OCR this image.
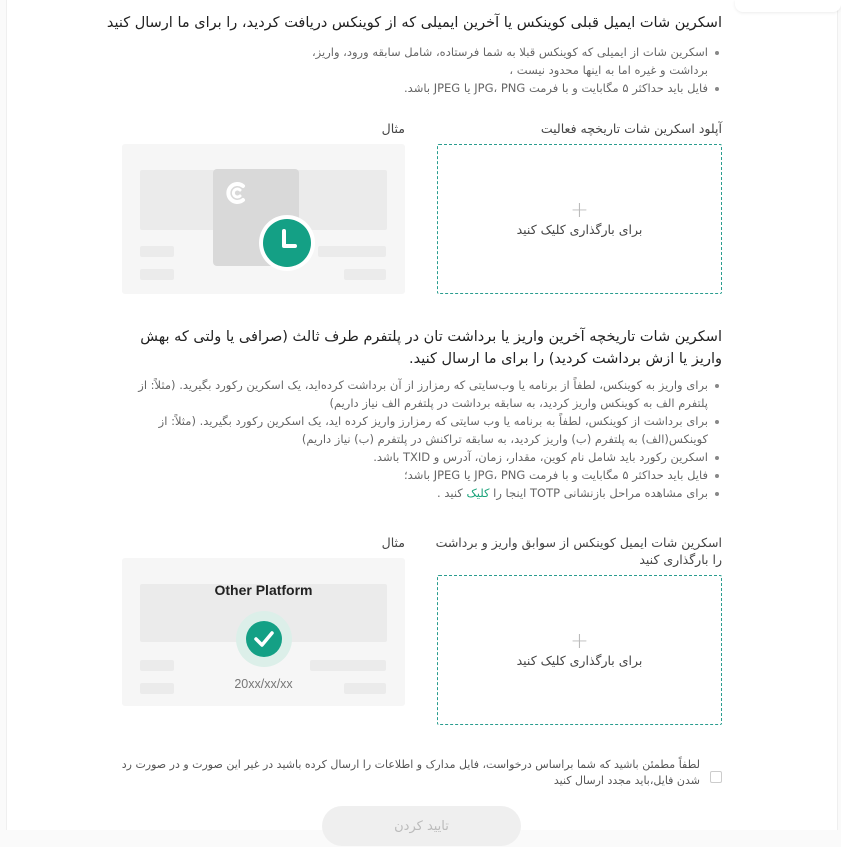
اسکرین شات ایمیل قبلی کوینکس یا آخرین ایمیلی که از کوینکس دریافت کردید، را برای ما ارسال کنید
اسکرین شات از ایمیلی که کوینکس قبلا به شما فرستاده، شامل سابقه ورود، واریز، برداشت و غیره اما به اینها محدود نیست ،
فایل باید حداکثر ۵ مگابایت و با فرمت JPG، PNG یا JPEG باشد.
آپلود اسکرین شات تاریخچه فعالیت
مثال
+
برای بارگذاری کلیک کنید
اسکرین شات تاریخچه آخرین واریز یا برداشت تان در پلتفرم طرف ثالث (صرافی یا ولتی که بهش واریز یا ازش برداشت کردید) را برای ما ارسال کنید.
برای واریز به کوینکس، لطفاً از برنامه یا وب‌سایتی که رمزارز از آن برداشت کرده‌اید، یک اسکرین رکورد بگیرید. (مثلاً: از پلتفرم الف به کوینکس واریز کردید، به سابقه برداشت در پلتفرم الف نیاز داریم)
برای برداشت از کوینکس، لطفاً به برنامه یا وب سایتی که رمزارز واریز کرده اید، یک اسکرین رکورد بگیرید. (مثلاً: از کوینکس(الف) به پلتفرم (ب) واریز کردید، به سابقه تراکنش در پلتفرم (ب) نیاز داریم)
اسکرین رکورد باید شامل نام کوین، مقدار، زمان، آدرس و TXID باشد.
فایل باید حداکثر ۵ مگابایت و با فرمت JPG، PNG یا JPEG باشد؛
برای مشاهده مراحل بازنشانی TOTP اینجا را کلیک کنید .
اسکرین شات ایمیل کوینکس از سوابق واریز و برداشت را بارگذاری کنید
مثال
+
برای بارگذاری کلیک کنید
Other Platform
20xx/xx/xx
لطفاً مطمئن باشید که شما براساس درخواست، فایل مدارک و اطلاعات را ارسال کرده باشید در غیر این صورت و در صورت رد شدن فایل،باید مجدد ارسال کنید
تایید کردن
